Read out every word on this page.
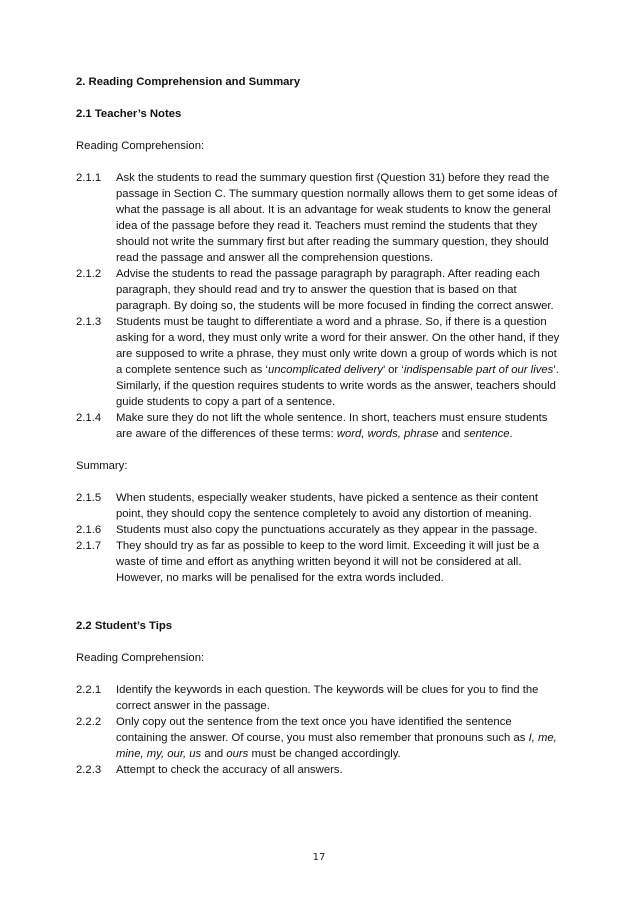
2. Reading Comprehension and Summary

2.1 Teacher’s Notes

Reading Comprehension:

2.1.1	Ask the students to read the summary question first (Question 31) before they read the passage in Section C. The summary question normally allows them to get some ideas of what the passage is all about. It is an advantage for weak students to know the general idea of the passage before they read it. Teachers must remind the students that they should not write the summary first but after reading the summary question, they should read the passage and answer all the comprehension questions.
2.1.2	Advise the students to read the passage paragraph by paragraph. After reading each paragraph, they should read and try to answer the question that is based on that paragraph. By doing so, the students will be more focused in finding the correct answer.
2.1.3	Students must be taught to differentiate a word and a phrase. So, if there is a question asking for a word, they must only write a word for their answer. On the other hand, if they are supposed to write a phrase, they must only write down a group of words which is not a complete sentence such as ‘uncomplicated delivery’ or ‘indispensable part of our lives’. Similarly, if the question requires students to write words as the answer, teachers should guide students to copy a part of a sentence.
2.1.4	Make sure they do not lift the whole sentence. In short, teachers must ensure students are aware of the differences of these terms: word, words, phrase and sentence.

Summary:

2.1.5	When students, especially weaker students, have picked a sentence as their content point, they should copy the sentence completely to avoid any distortion of meaning.
2.1.6	Students must also copy the punctuations accurately as they appear in the passage.
2.1.7	They should try as far as possible to keep to the word limit. Exceeding it will just be a waste of time and effort as anything written beyond it will not be considered at all. However, no marks will be penalised for the extra words included.

2.2 Student’s Tips

Reading Comprehension:

2.2.1	Identify the keywords in each question. The keywords will be clues for you to find the correct answer in the passage.
2.2.2	Only copy out the sentence from the text once you have identified the sentence containing the answer. Of course, you must also remember that pronouns such as I, me, mine, my, our, us and ours must be changed accordingly.
2.2.3	Attempt to check the accuracy of all answers.
17
